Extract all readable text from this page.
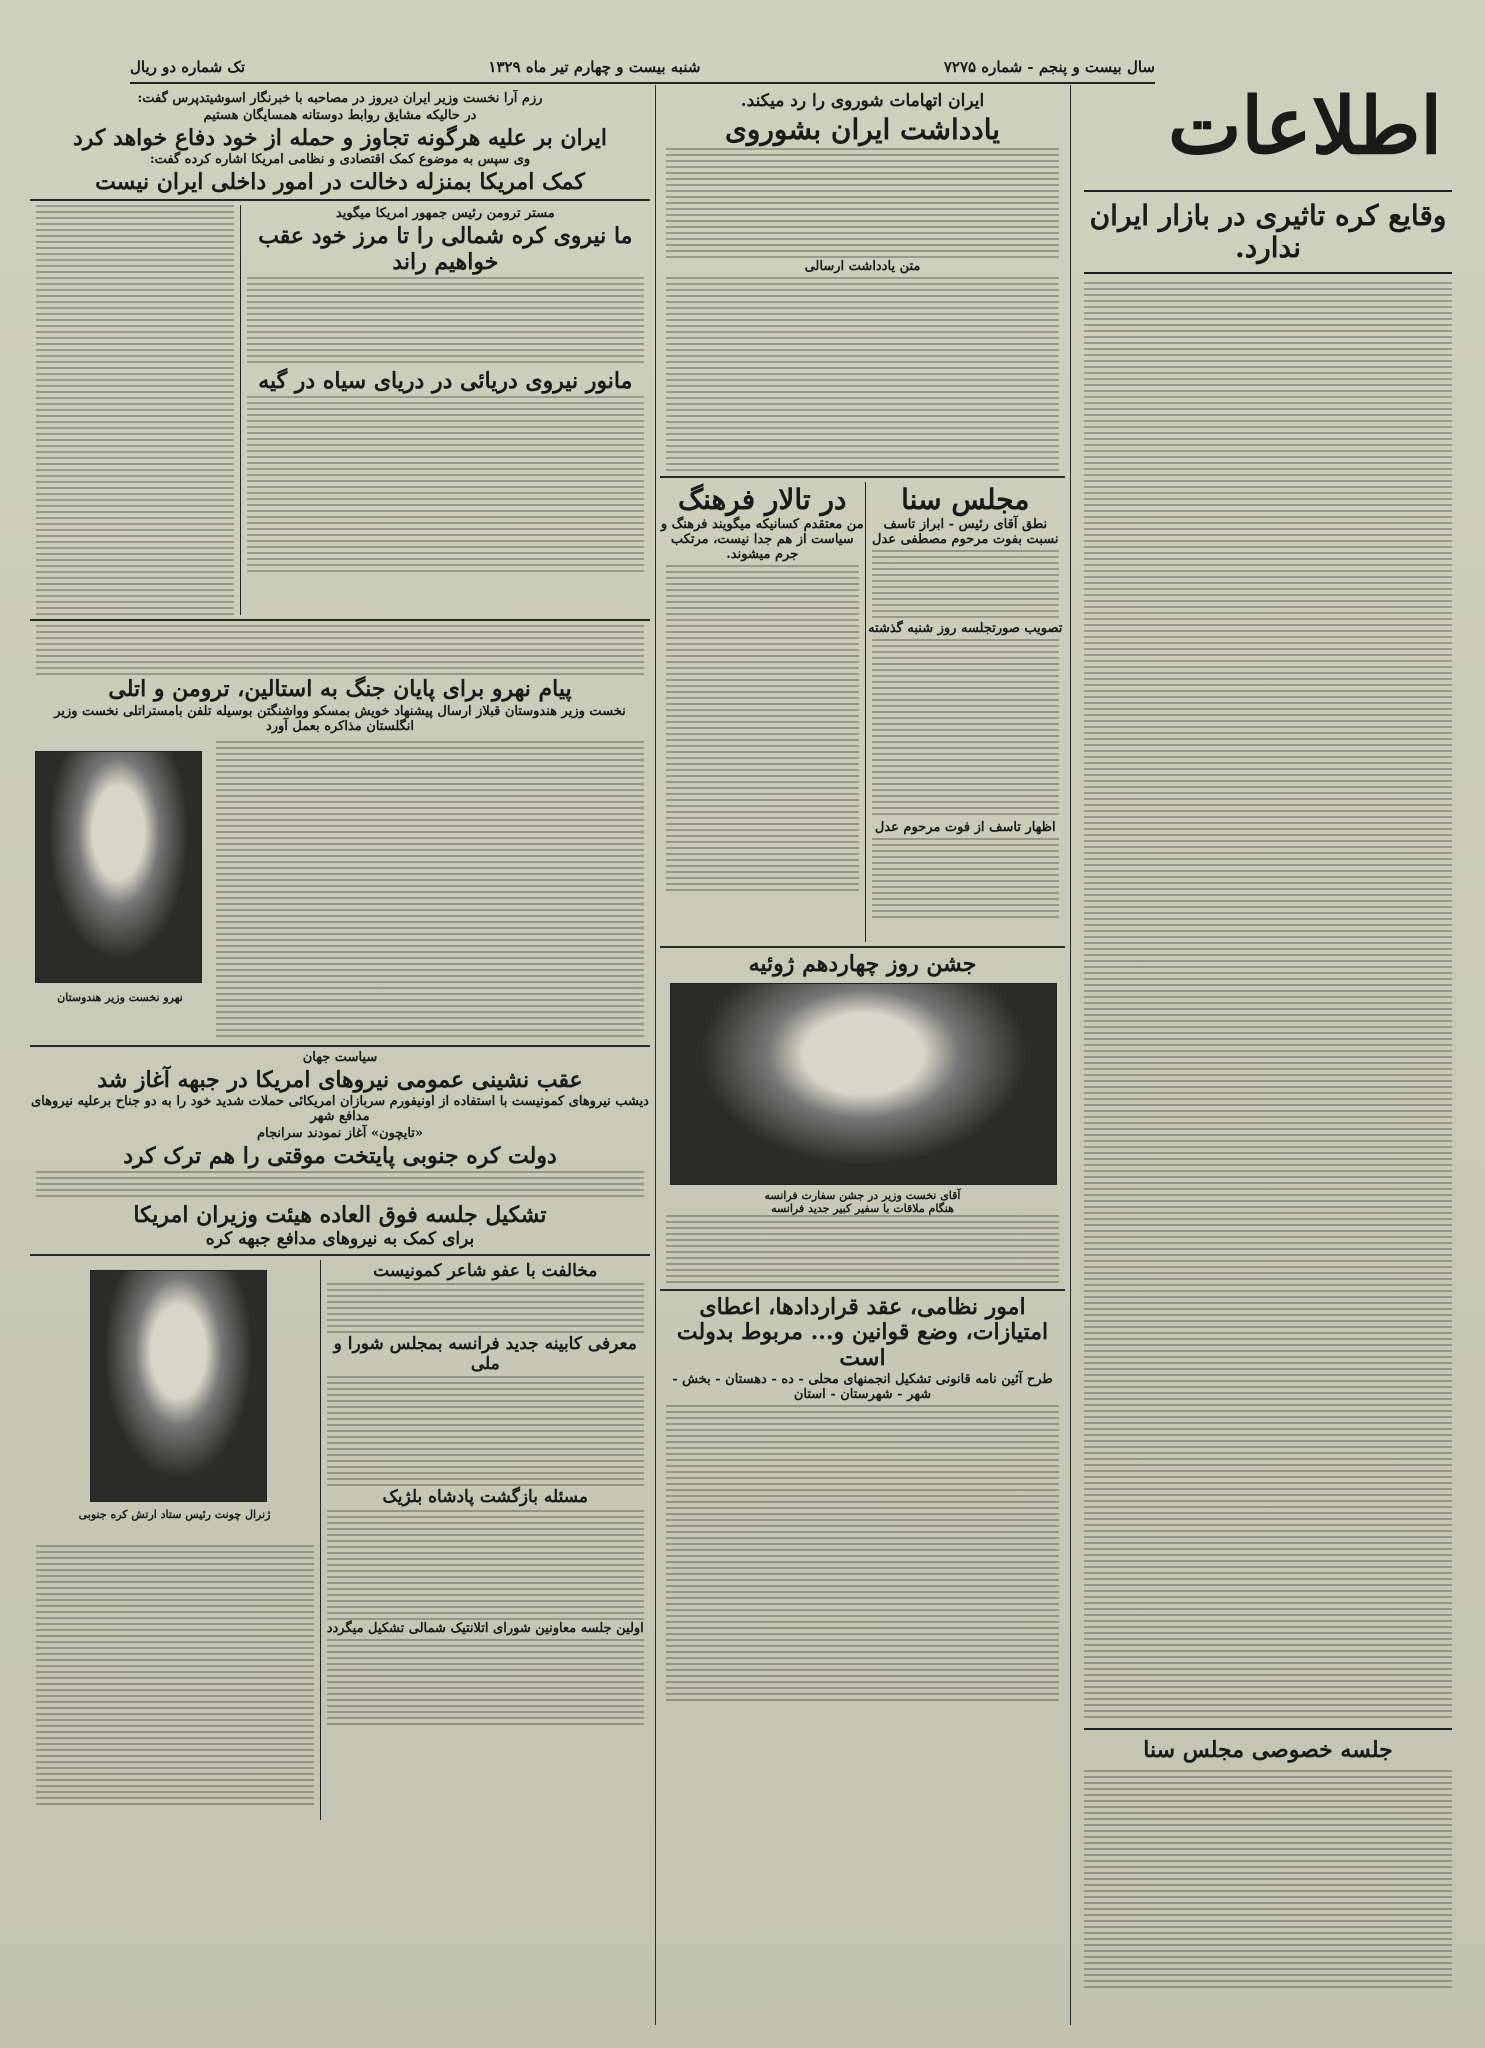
سال بیست و پنجم - شماره ۷۲۷۵
شنبه بیست و چهارم تیر ماه ۱۳۲۹
تک شماره دو ریال
اطلاعات
وقایع کره تاثیری در بازار ایران ندارد.
جلسه خصوصی مجلس سنا
ایران اتهامات شوروی را رد میکند.
یادداشت ایران بشوروی
متن یادداشت ارسالی
مجلس سنا
نطق آقای رئیس - ابراز تاسف نسبت بفوت مرحوم مصطفی عدل
تصویب صورتجلسه روز شنبه گذشته
اظهار تاسف از فوت مرحوم عدل
در تالار فرهنگ
من معتقدم کسانیکه میگویند فرهنگ و سیاست از هم جدا نیست، مرتکب جرم میشوند.
جشن روز چهاردهم ژوئیه
آقای نخست وزیر در جشن سفارت فرانسه
هنگام ملاقات با سفیر کبیر جدید فرانسه
امور نظامی، عقد قراردادها، اعطای امتیازات، وضع قوانین و... مربوط بدولت است
طرح آئین نامه قانونی تشکیل انجمنهای محلی - ده - دهستان - بخش - شهر - شهرستان - استان
رزم آرا نخست وزیر ایران دیروز در مصاحبه با خبرنگار اسوشیتدپرس گفت:
در حالیکه مشایق روابط دوستانه همسایگان هستیم
ایران بر علیه هرگونه تجاوز و حمله از خود دفاع خواهد کرد
وی سپس به موضوع کمک اقتصادی و نظامی امریکا اشاره کرده گفت:
کمک امریکا بمنزله دخالت در امور داخلی ایران نیست
مستر ترومن رئیس جمهور امریکا میگوید
ما نیروی کره شمالی را تا مرز خود عقب خواهیم راند
مانور نیروی دریائی در دریای سیاه در گیه
پیام نهرو برای پایان جنگ به استالین، ترومن و اتلی
نخست وزیر هندوستان قبلاز ارسال پیشنهاد خویش بمسکو وواشنگتن بوسیله تلفن بامستراتلی نخست وزیر انگلستان مذاکره بعمل آورد
نهرو نخست وزیر هندوستان
سیاست جهان
عقب نشینی عمومی نیروهای امریکا در جبهه آغاز شد
دیشب نیروهای کمونیست با استفاده از اونیفورم سربازان امریکائی حملات شدید خود را به دو جناح برعلیه نیروهای مدافع شهر
«تایچون» آغاز نمودند سرانجام
دولت کره جنوبی پایتخت موقتی را هم ترک کرد
تشکیل جلسه فوق العاده هیئت وزیران امریکا
برای کمک به نیروهای مدافع جبهه کره
مخالفت با عفو شاعر کمونیست
معرفی کابینه جدید فرانسه بمجلس شورا و ملی
مسئله بازگشت پادشاه بلژیک
اولین جلسه معاونین شورای اتلانتیک شمالی تشکیل میگردد
ژنرال چونت رئیس ستاد ارتش کره جنوبی
